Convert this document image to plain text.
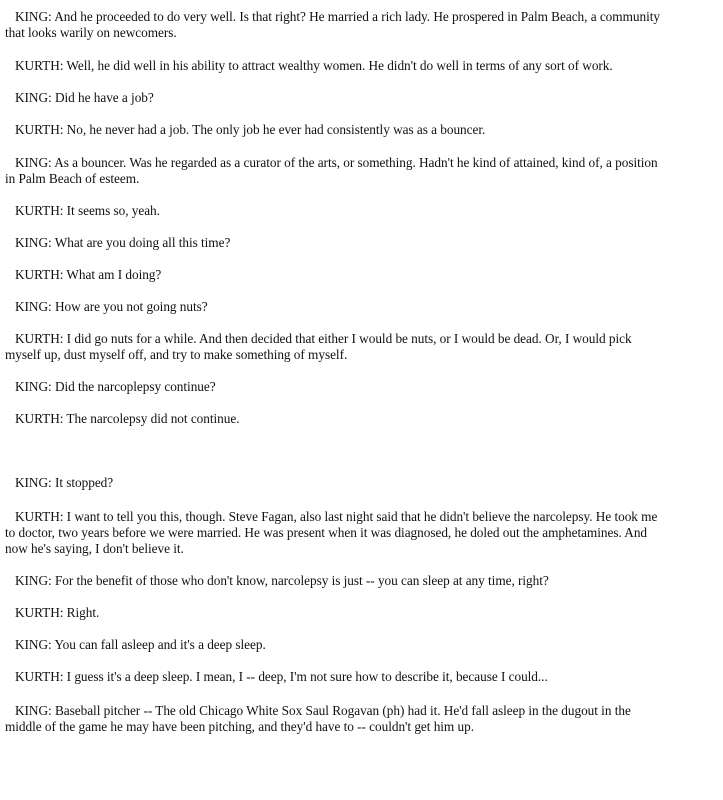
KING: And he proceeded to do very well. Is that right? He married a rich lady. He prospered in Palm Beach, a community that looks warily on newcomers.

KURTH: Well, he did well in his ability to attract wealthy women. He didn't do well in terms of any sort of work.

KING: Did he have a job?

KURTH: No, he never had a job. The only job he ever had consistently was as a bouncer.

KING: As a bouncer. Was he regarded as a curator of the arts, or something. Hadn't he kind of attained, kind of, a position in Palm Beach of esteem.

KURTH: It seems so, yeah.

KING: What are you doing all this time?

KURTH: What am I doing?

KING: How are you not going nuts?

KURTH: I did go nuts for a while. And then decided that either I would be nuts, or I would be dead. Or, I would pick myself up, dust myself off, and try to make something of myself.

KING: Did the narcoplepsy continue?

KURTH: The narcolepsy did not continue.

KING: It stopped?

KURTH: I want to tell you this, though. Steve Fagan, also last night said that he didn't believe the narcolepsy. He took me to doctor, two years before we were married. He was present when it was diagnosed, he doled out the amphetamines. And now he's saying, I don't believe it.

KING: For the benefit of those who don't know, narcolepsy is just -- you can sleep at any time, right?

KURTH: Right.

KING: You can fall asleep and it's a deep sleep.

KURTH: I guess it's a deep sleep. I mean, I -- deep, I'm not sure how to describe it, because I could...

KING: Baseball pitcher -- The old Chicago White Sox Saul Rogavan (ph) had it. He'd fall asleep in the dugout in the middle of the game he may have been pitching, and they'd have to -- couldn't get him up.
